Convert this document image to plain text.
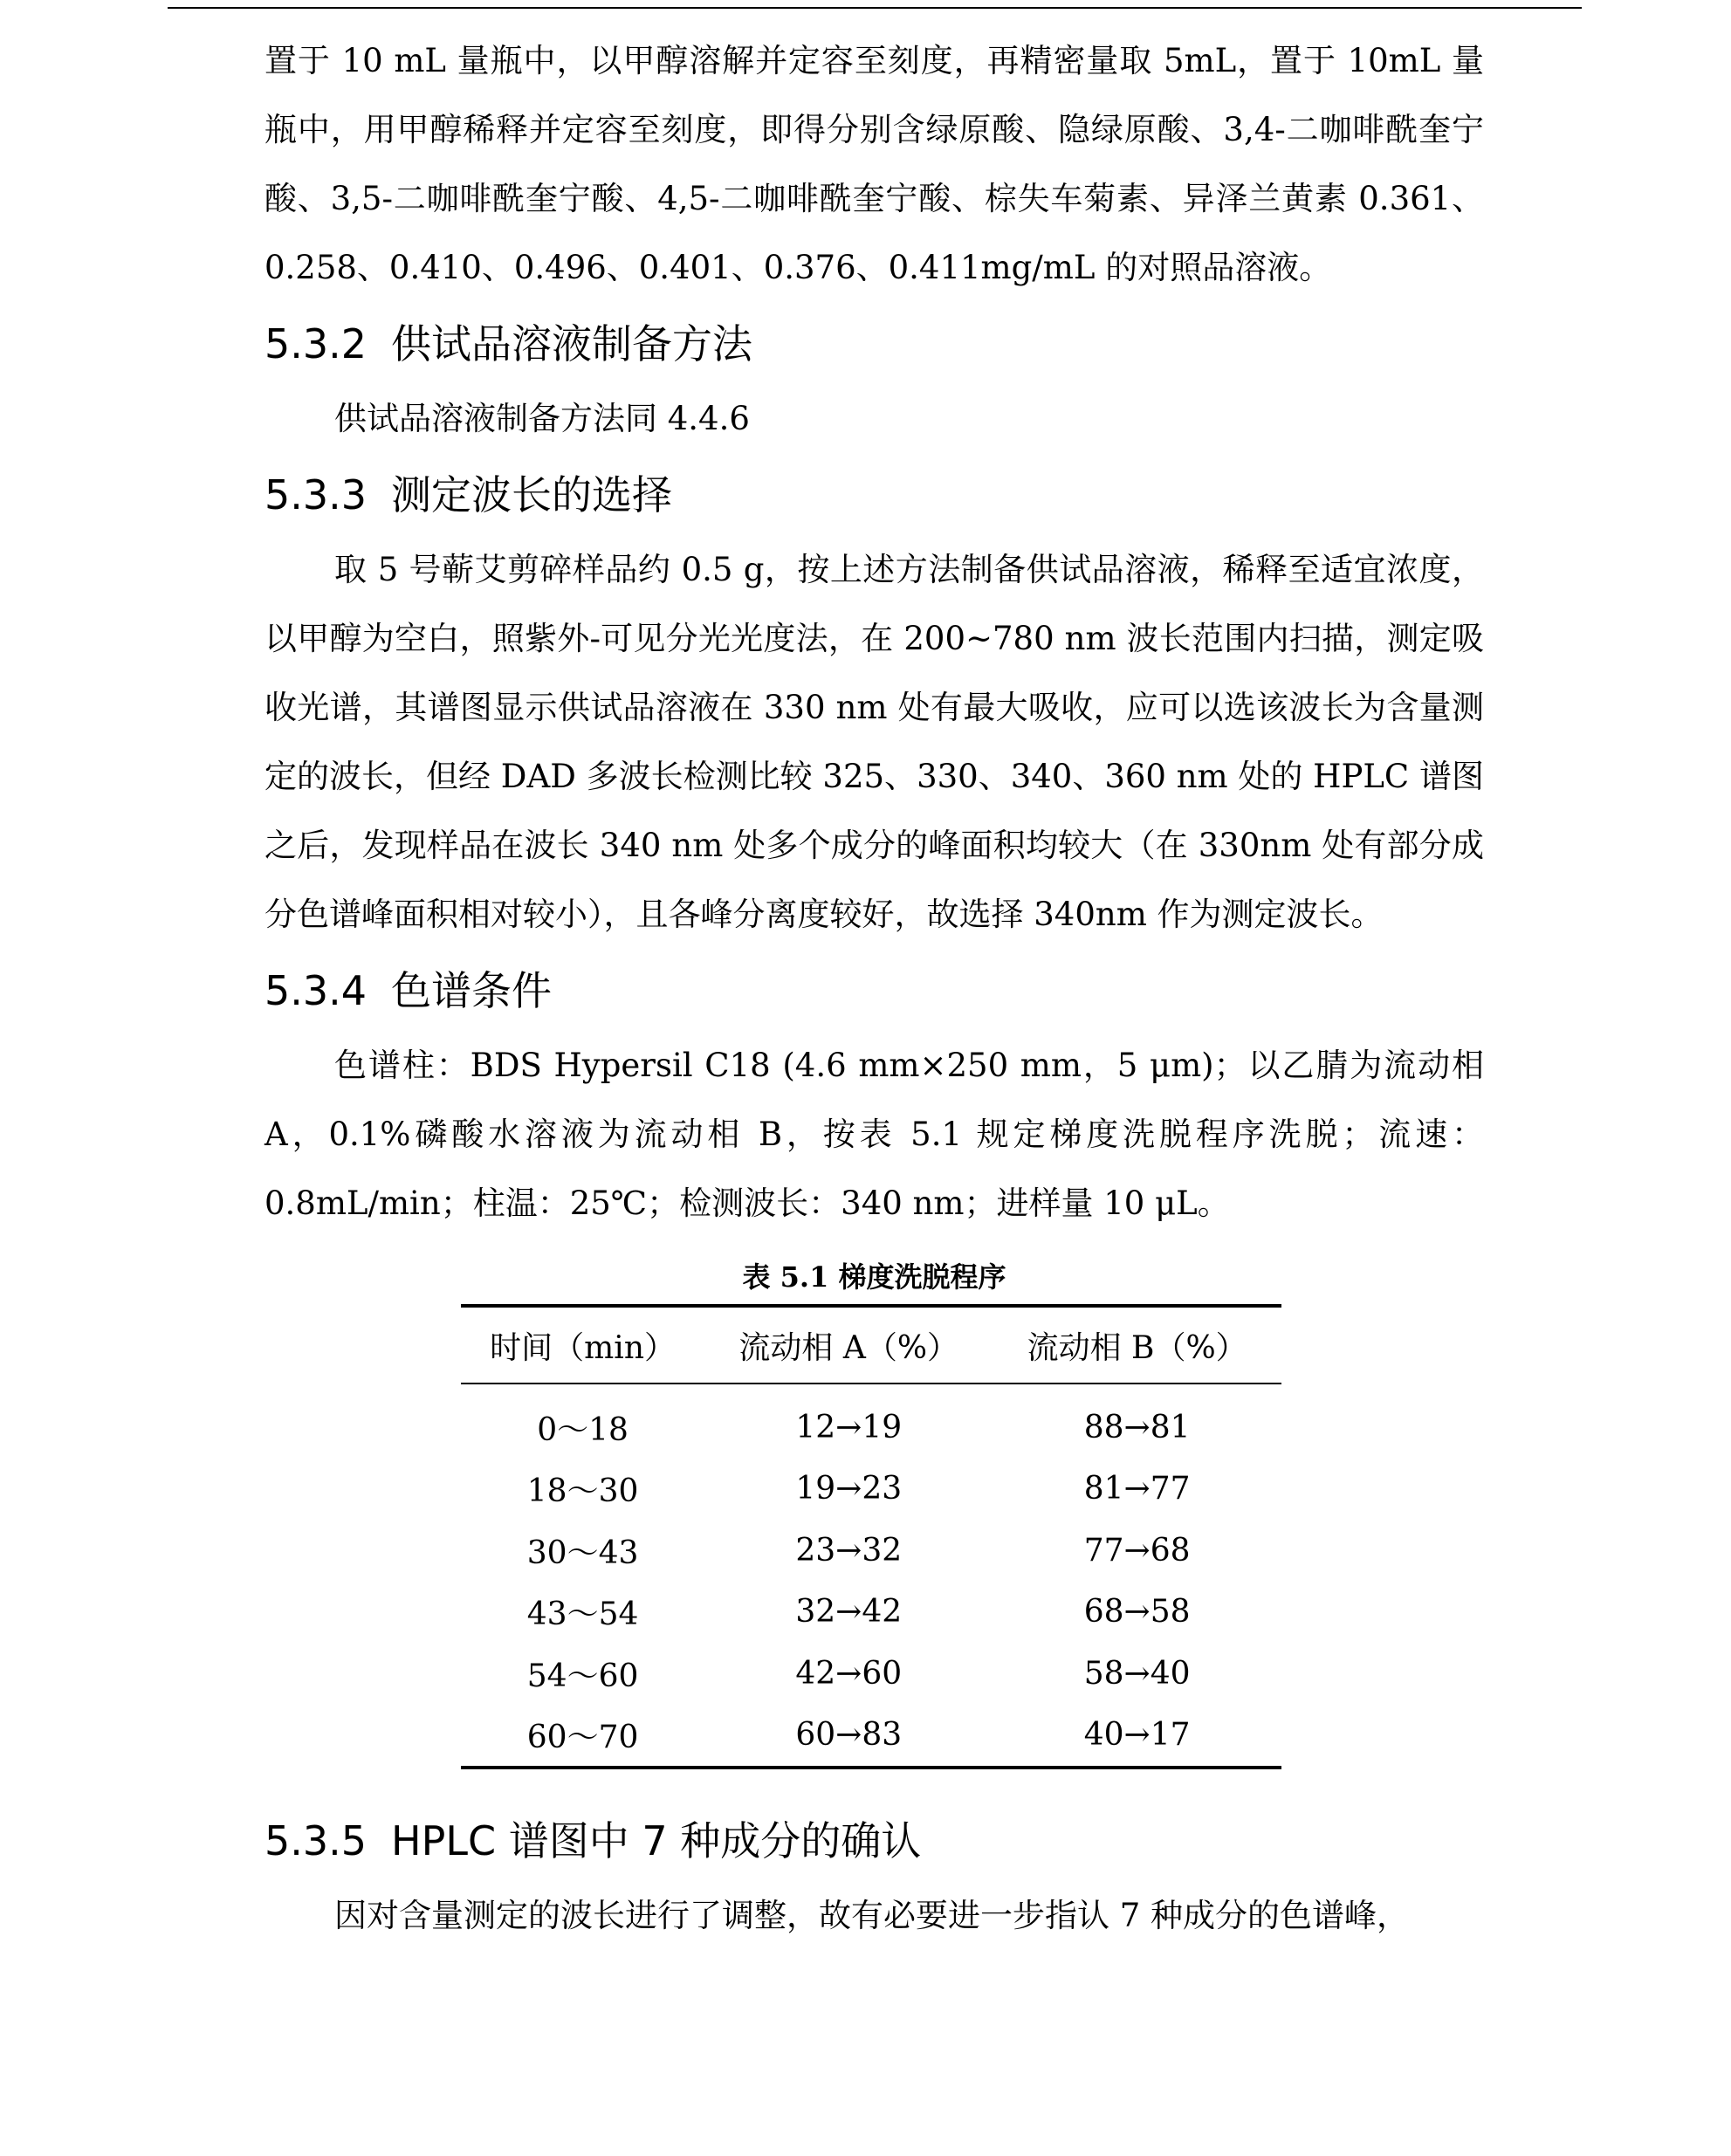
置于 10 mL 量瓶中，以甲醇溶解并定容至刻度，再精密量取 5mL，置于 10mL 量瓶中，用甲醇稀释并定容至刻度，即得分别含绿原酸、隐绿原酸、3,4-二咖啡酰奎宁酸、3,5-二咖啡酰奎宁酸、4,5-二咖啡酰奎宁酸、棕失车菊素、异泽兰黄素 0.361、0.258、0.410、0.496、0.401、0.376、0.411mg/mL 的对照品溶液。

5.3.2 供试品溶液制备方法

供试品溶液制备方法同 4.4.6

5.3.3 测定波长的选择

取 5 号蕲艾剪碎样品约 0.5 g，按上述方法制备供试品溶液，稀释至适宜浓度，以甲醇为空白，照紫外-可见分光光度法，在 200~780 nm 波长范围内扫描，测定吸收光谱，其谱图显示供试品溶液在 330 nm 处有最大吸收，应可以选该波长为含量测定的波长，但经 DAD 多波长检测比较 325、330、340、360 nm 处的 HPLC 谱图之后，发现样品在波长 340 nm 处多个成分的峰面积均较大（在 330nm 处有部分成分色谱峰面积相对较小），且各峰分离度较好，故选择 340nm 作为测定波长。

5.3.4 色谱条件

色谱柱：BDS Hypersil C18 (4.6 mm×250 mm，5 μm)；以乙腈为流动相 A，0.1%磷酸水溶液为流动相 B，按表 5.1 规定梯度洗脱程序洗脱；流速：0.8mL/min；柱温：25℃；检测波长：340 nm；进样量 10 μL。

表 5.1 梯度洗脱程序
时间（min）	流动相 A（%）	流动相 B（%）
0～18	12→19	88→81
18～30	19→23	81→77
30～43	23→32	77→68
43～54	32→42	68→58
54～60	42→60	58→40
60～70	60→83	40→17
5.3.5 HPLC 谱图中 7 种成分的确认

因对含量测定的波长进行了调整，故有必要进一步指认 7 种成分的色谱峰，
